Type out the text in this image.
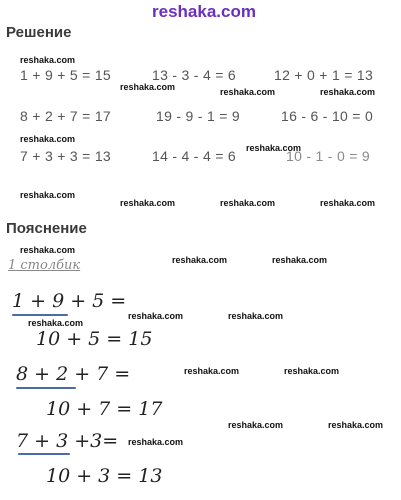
reshaka.com
Решение
reshaka.com
1 + 9 + 5 = 15	13 - 3 - 4 = 6	12 + 0 + 1 = 13
reshaka.com	reshaka.com	reshaka.com
8 + 2 + 7 = 17	19 - 9 - 1 = 9	16 - 6 - 10 = 0
reshaka.com
reshaka.com
7 + 3 + 3 = 13	14 - 4 - 4 = 6	10 - 1 - 0 = 9
reshaka.com
reshaka.com	reshaka.com	reshaka.com
Пояснение
reshaka.com
1 столбик	reshaka.com	reshaka.com
1 + 9 + 5 =
reshaka.com
reshaka.com	reshaka.com
10 + 5 = 15
8 + 2 + 7 =	reshaka.com	reshaka.com
10 + 7 = 17
reshaka.com	reshaka.com
7 + 3 +3= reshaka.com
10 + 3 = 13
